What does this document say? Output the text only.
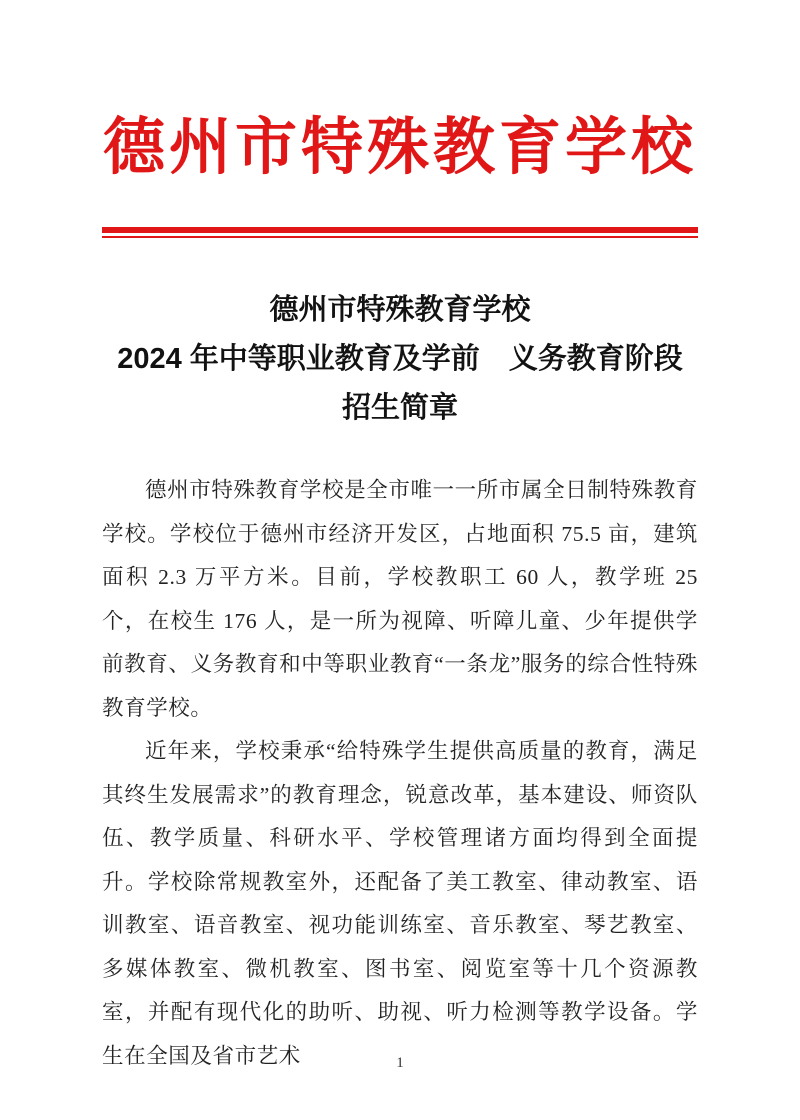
德州市特殊教育学校
德州市特殊教育学校
2024 年中等职业教育及学前　义务教育阶段
招生简章

德州市特殊教育学校是全市唯一一所市属全日制特殊教育学校。学校位于德州市经济开发区，占地面积 75.5 亩，建筑面积 2.3 万平方米。目前，学校教职工 60 人，教学班 25 个，在校生 176 人，是一所为视障、听障儿童、少年提供学前教育、义务教育和中等职业教育“一条龙”服务的综合性特殊教育学校。

近年来，学校秉承“给特殊学生提供高质量的教育，满足其终生发展需求”的教育理念，锐意改革，基本建设、师资队伍、教学质量、科研水平、学校管理诸方面均得到全面提升。学校除常规教室外，还配备了美工教室、律动教室、语训教室、语音教室、视功能训练室、音乐教室、琴艺教室、多媒体教室、微机教室、图书室、阅览室等十几个资源教室，并配有现代化的助听、助视、听力检测等教学设备。学生在全国及省市艺术	1
